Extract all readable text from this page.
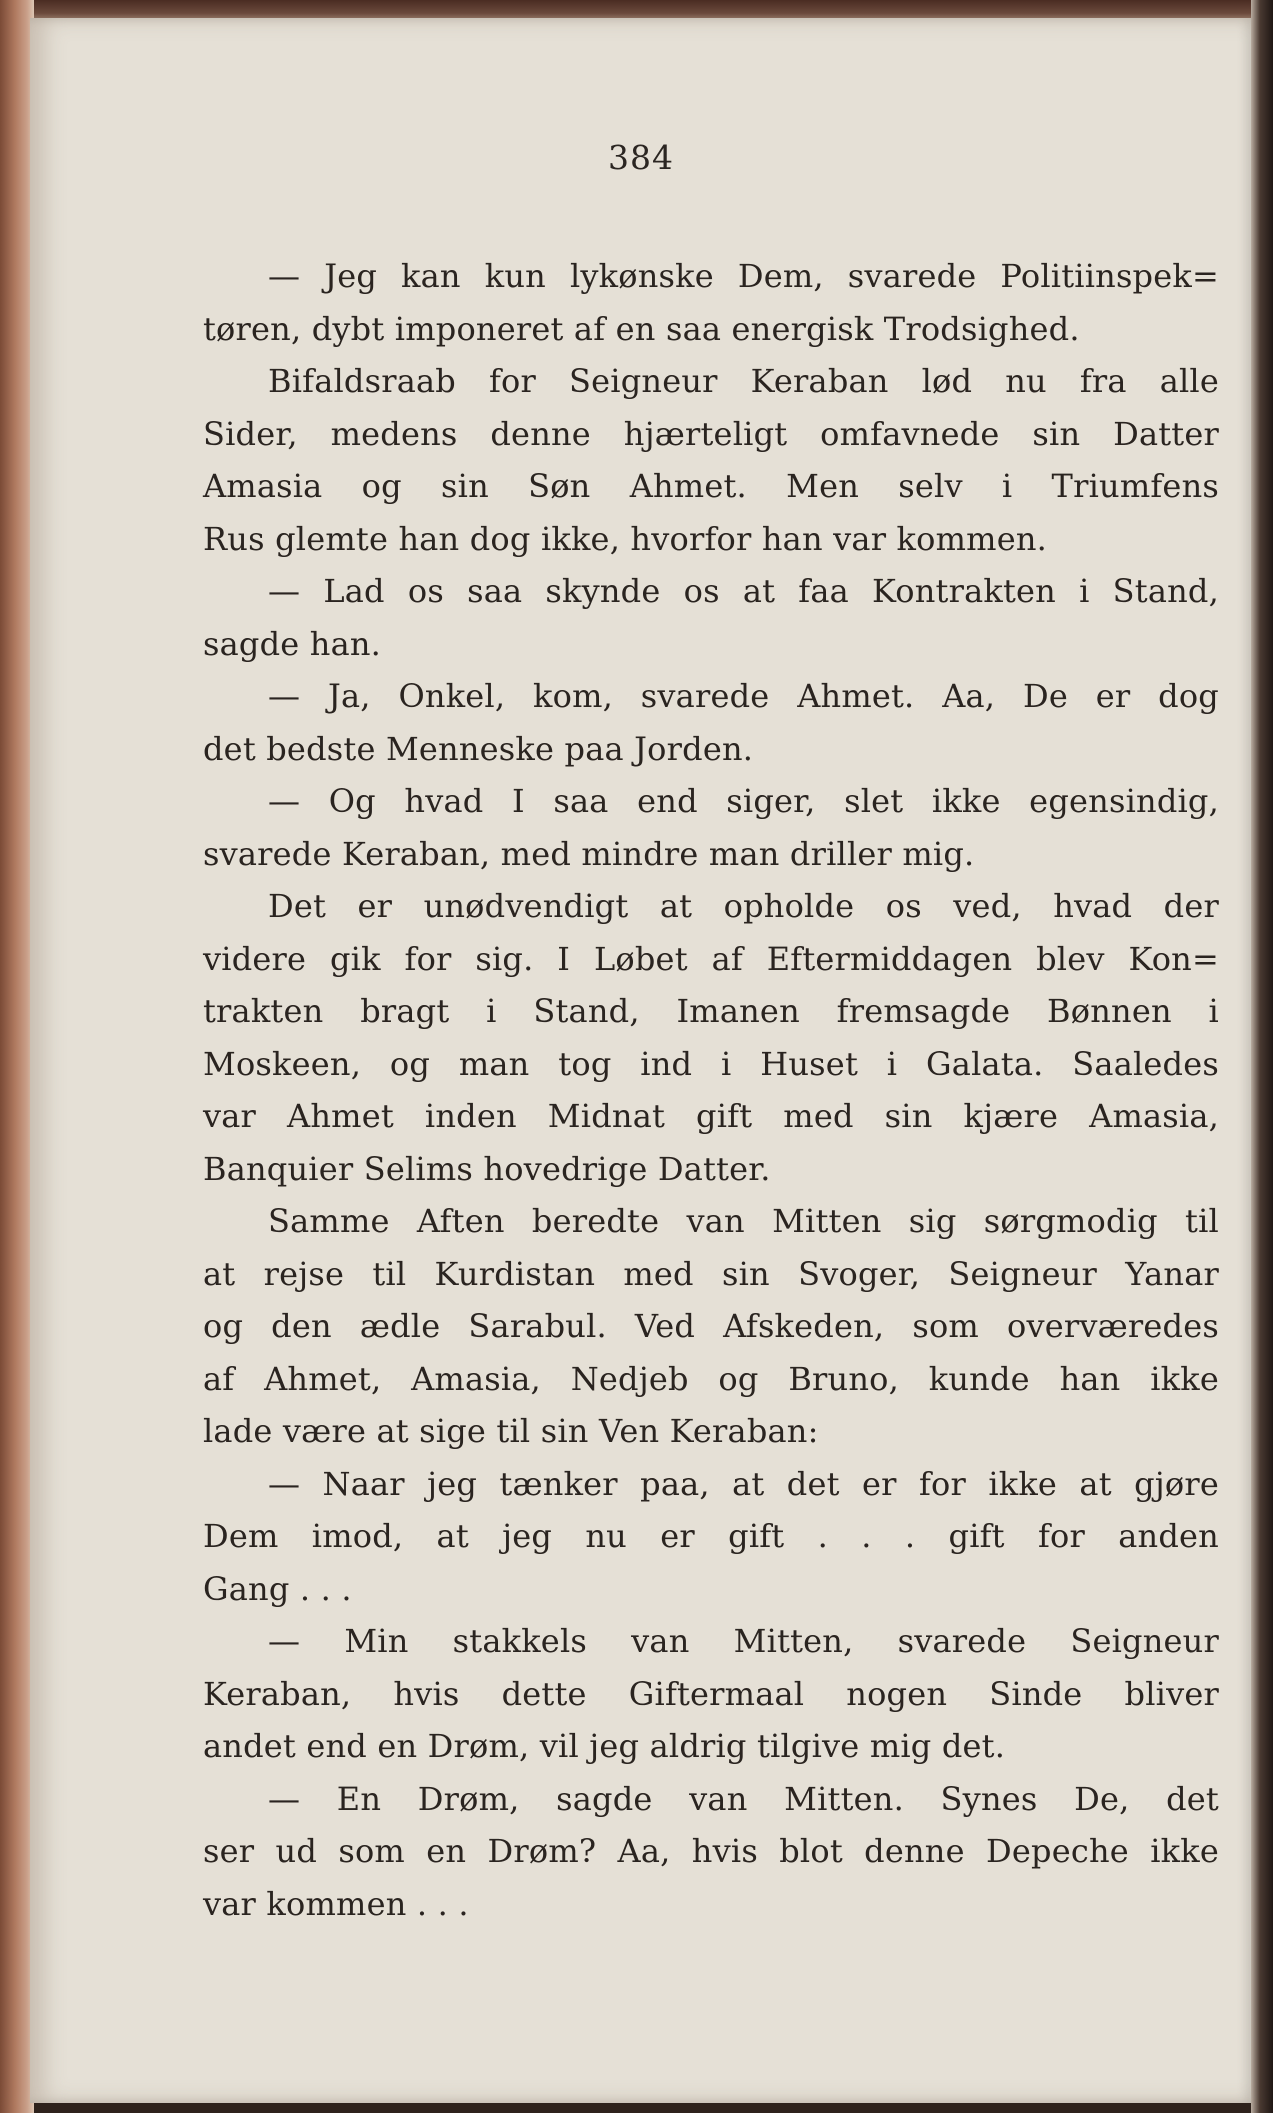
384
— Jeg kan kun lykønske Dem, svarede Politiinspek=
tøren, dybt imponeret af en saa energisk Trodsighed.
Bifaldsraab for Seigneur Keraban lød nu fra alle
Sider, medens denne hjærteligt omfavnede sin Datter
Amasia og sin Søn Ahmet. Men selv i Triumfens
Rus glemte han dog ikke, hvorfor han var kommen.
— Lad os saa skynde os at faa Kontrakten i Stand,
sagde han.
— Ja, Onkel, kom, svarede Ahmet. Aa, De er dog
det bedste Menneske paa Jorden.
— Og hvad I saa end siger, slet ikke egensindig,
svarede Keraban, med mindre man driller mig.
Det er unødvendigt at opholde os ved, hvad der
videre gik for sig. I Løbet af Eftermiddagen blev Kon=
trakten bragt i Stand, Imanen fremsagde Bønnen i
Moskeen, og man tog ind i Huset i Galata. Saaledes
var Ahmet inden Midnat gift med sin kjære Amasia,
Banquier Selims hovedrige Datter.
Samme Aften beredte van Mitten sig sørgmodig til
at rejse til Kurdistan med sin Svoger, Seigneur Yanar
og den ædle Sarabul. Ved Afskeden, som overværedes
af Ahmet, Amasia, Nedjeb og Bruno, kunde han ikke
lade være at sige til sin Ven Keraban:
— Naar jeg tænker paa, at det er for ikke at gjøre
Dem imod, at jeg nu er gift . . . gift for anden
Gang . . .
— Min stakkels van Mitten, svarede Seigneur
Keraban, hvis dette Giftermaal nogen Sinde bliver
andet end en Drøm, vil jeg aldrig tilgive mig det.
— En Drøm, sagde van Mitten. Synes De, det
ser ud som en Drøm? Aa, hvis blot denne Depeche ikke
var kommen . . .
